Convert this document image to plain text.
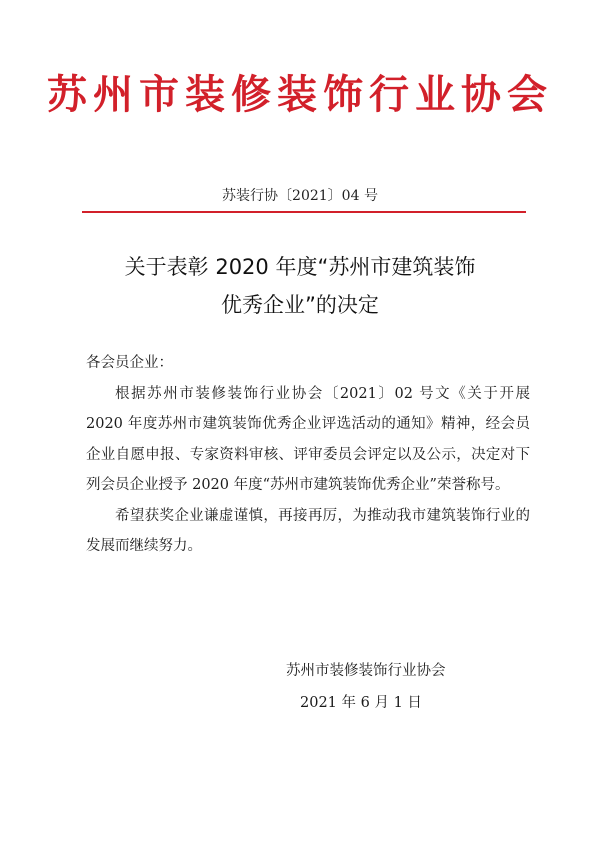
苏州市装修装饰行业协会
苏装行协〔2021〕04 号
关于表彰 2020 年度“苏州市建筑装饰
优秀企业”的决定

各会员企业：

根据苏州市装修装饰行业协会〔2021〕02 号文《关于开展 2020 年度苏州市建筑装饰优秀企业评选活动的通知》精神，经会员企业自愿申报、专家资料审核、评审委员会评定以及公示，决定对下列会员企业授予 2020 年度“苏州市建筑装饰优秀企业”荣誉称号。

希望获奖企业谦虚谨慎，再接再厉，为推动我市建筑装饰行业的发展而继续努力。

苏州市装修装饰行业协会
2021 年 6 月 1 日
